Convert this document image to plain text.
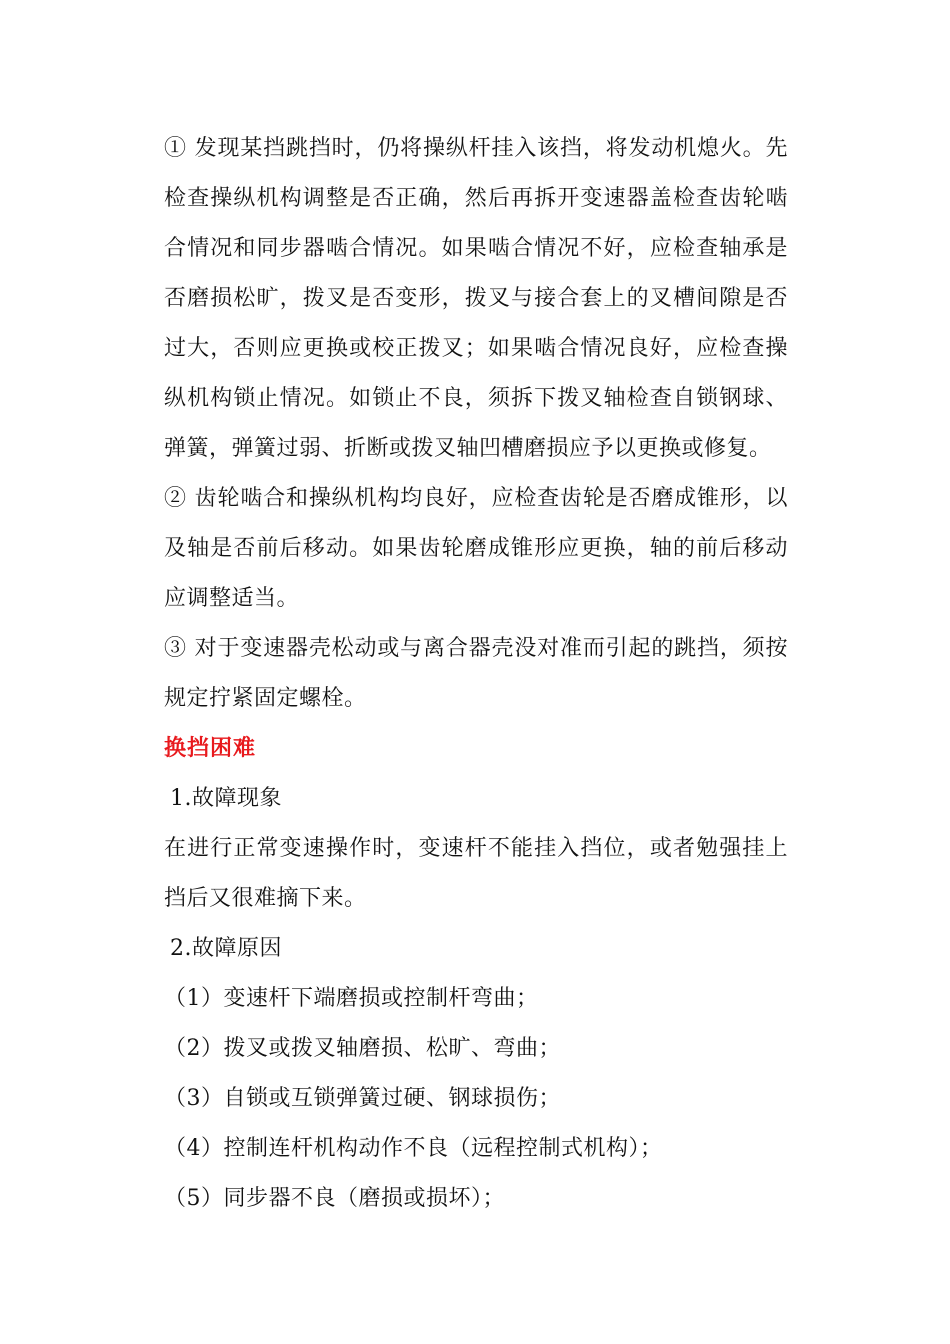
① 发现某挡跳挡时，仍将操纵杆挂入该挡，将发动机熄火。先检查操纵机构调整是否正确，然后再拆开变速器盖检查齿轮啮合情况和同步器啮合情况。如果啮合情况不好，应检查轴承是否磨损松旷，拨叉是否变形，拨叉与接合套上的叉槽间隙是否过大，否则应更换或校正拨叉；如果啮合情况良好，应检查操纵机构锁止情况。如锁止不良，须拆下拨叉轴检查自锁钢球、弹簧，弹簧过弱、折断或拨叉轴凹槽磨损应予以更换或修复。

② 齿轮啮合和操纵机构均良好，应检查齿轮是否磨成锥形，以及轴是否前后移动。如果齿轮磨成锥形应更换，轴的前后移动应调整适当。

③ 对于变速器壳松动或与离合器壳没对准而引起的跳挡，须按规定拧紧固定螺栓。

换挡困难

1.故障现象

在进行正常变速操作时，变速杆不能挂入挡位，或者勉强挂上挡后又很难摘下来。

2.故障原因

（1）变速杆下端磨损或控制杆弯曲；

（2）拨叉或拨叉轴磨损、松旷、弯曲；

（3）自锁或互锁弹簧过硬、钢球损伤；

（4）控制连杆机构动作不良（远程控制式机构）；

（5）同步器不良（磨损或损坏）；
